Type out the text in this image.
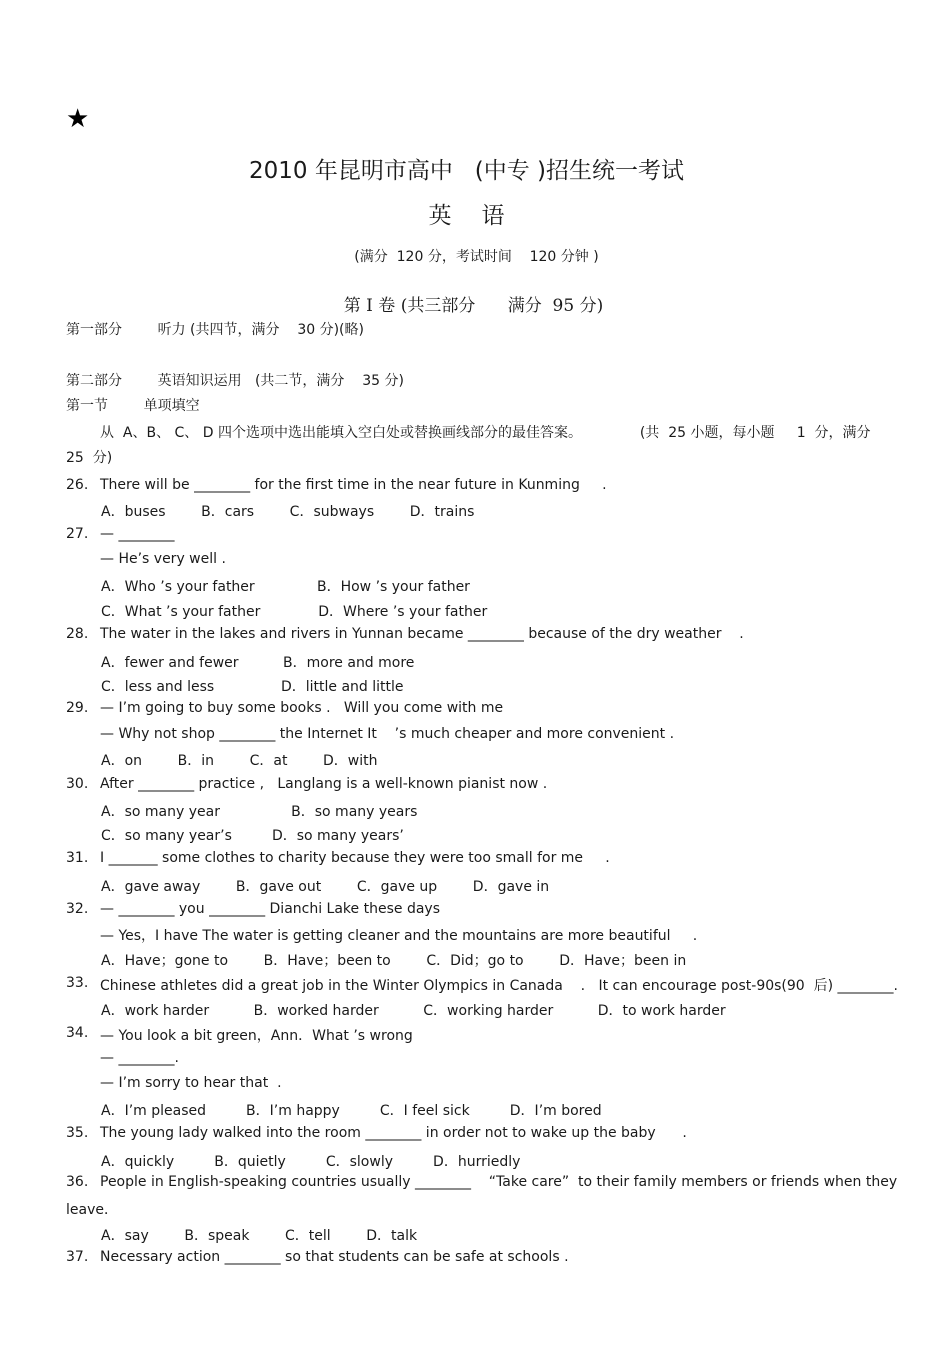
★
2010 年昆明市高中   (中专 )招生统一考试
英语
(满分  120 分，考试时间    120 分钟 )
第 I 卷 (共三部分      满分  95 分)
第一部分        听力 (共四节，满分    30 分)(略)
第二部分        英语知识运用   (共二节，满分    35 分)
第一节        单项填空
从  A、B、 C、 D 四个选项中选出能填入空白处或替换画线部分的最佳答案。             (共  25 小题，每小题     1  分，满分
25  分)
26. There will be ________ for the first time in the near future in Kunming     .
A．buses        B．cars        C．subways        D．trains
27. — ________
— He’s very well .
A．Who ’s your father              B．How ’s your father
C．What ’s your father             D．Where ’s your father
28. The water in the lakes and rivers in Yunnan became ________ because of the dry weather    .
A．fewer and fewer          B．more and more
C．less and less               D．little and little
29. — I’m going to buy some books .   Will you come with me
— Why not shop ________ the Internet It    ’s much cheaper and more convenient .
A．on        B．in        C．at        D．with
30. After ________ practice ,   Langlang is a well-known pianist now .
A．so many year                B．so many years
C．so many year’s         D．so many years’
31. I _______ some clothes to charity because they were too small for me     .
A．gave away        B．gave out        C．gave up        D．gave in
32. — ________ you ________ Dianchi Lake these days
— Yes，I have The water is getting cleaner and the mountains are more beautiful     .
A．Have；gone to        B．Have；been to        C．Did；go to        D．Have；been in
33. Chinese athletes did a great job in the Winter Olympics in Canada    .   It can encourage post-90s(90  后) ________.
A．work harder          B．worked harder          C．working harder          D．to work harder
34. — You look a bit green，Ann．What ’s wrong
— ________.
— I’m sorry to hear that  .
A．I’m pleased         B．I’m happy         C．I feel sick         D．I’m bored
35. The young lady walked into the room ________ in order not to wake up the baby      .
A．quickly         B．quietly         C．slowly         D．hurriedly
36. People in English-speaking countries usually ________    “Take care”  to their family members or friends when they
leave．
A．say        B．speak        C．tell        D．talk
37. Necessary action ________ so that students can be safe at schools .
